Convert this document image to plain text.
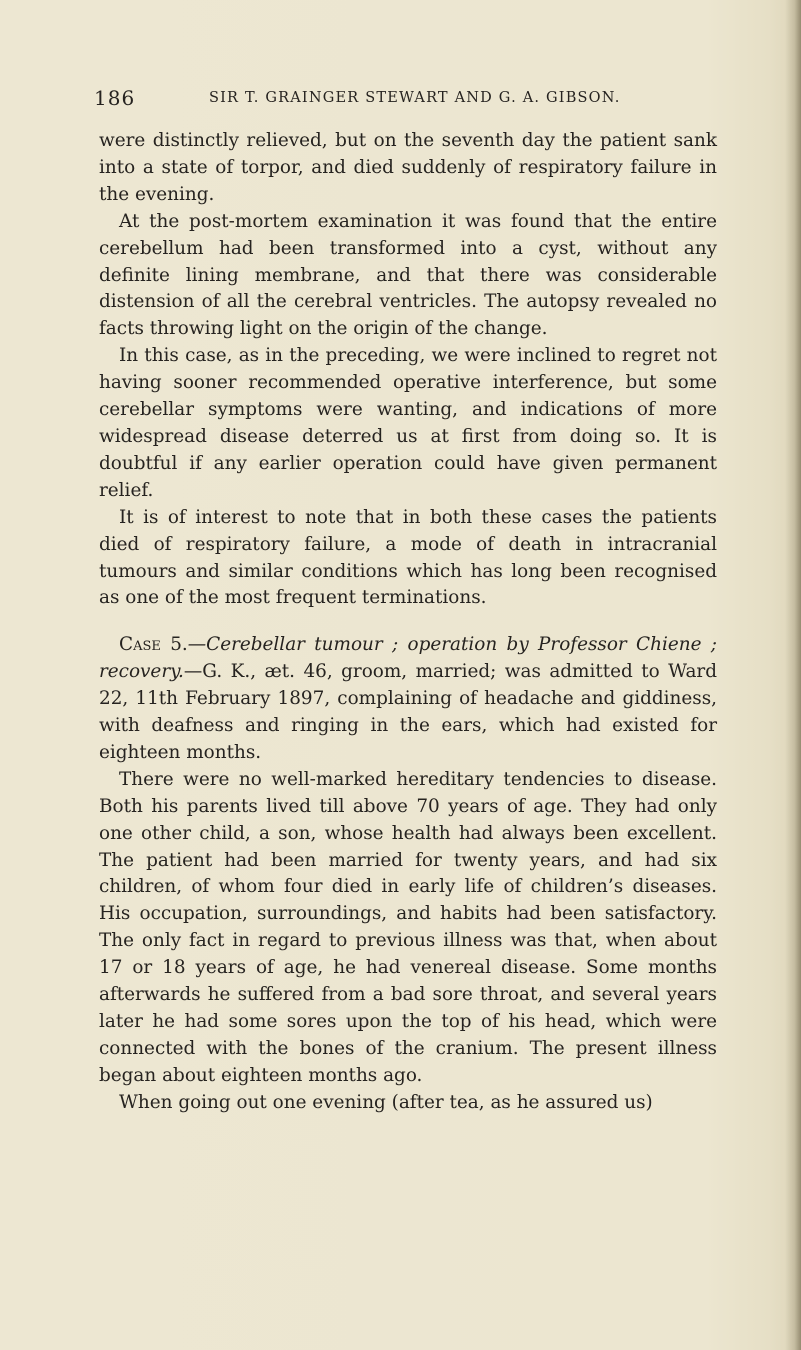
186	SIR T. GRAINGER STEWART AND G. A. GIBSON.

were distinctly relieved, but on the seventh day the patient sank into a state of torpor, and died suddenly of respiratory failure in the evening.

At the post-mortem examination it was found that the entire cerebellum had been transformed into a cyst, without any definite lining membrane, and that there was considerable distension of all the cerebral ventricles. The autopsy revealed no facts throwing light on the origin of the change.

In this case, as in the preceding, we were inclined to regret not having sooner recommended operative interference, but some cerebellar symptoms were wanting, and indications of more widespread disease deterred us at first from doing so. It is doubtful if any earlier operation could have given permanent relief.

It is of interest to note that in both these cases the patients died of respiratory failure, a mode of death in intracranial tumours and similar conditions which has long been recognised as one of the most frequent terminations.

Case 5.—Cerebellar tumour ; operation by Professor Chiene ; recovery.—G. K., æt. 46, groom, married; was admitted to Ward 22, 11th February 1897, complaining of headache and giddiness, with deafness and ringing in the ears, which had existed for eighteen months.

There were no well-marked hereditary tendencies to disease. Both his parents lived till above 70 years of age. They had only one other child, a son, whose health had always been excellent. The patient had been married for twenty years, and had six children, of whom four died in early life of children’s diseases. His occupation, surroundings, and habits had been satisfactory. The only fact in regard to previous illness was that, when about 17 or 18 years of age, he had venereal disease. Some months afterwards he suffered from a bad sore throat, and several years later he had some sores upon the top of his head, which were connected with the bones of the cranium. The present illness began about eighteen months ago.

When going out one evening (after tea, as he assured us)
